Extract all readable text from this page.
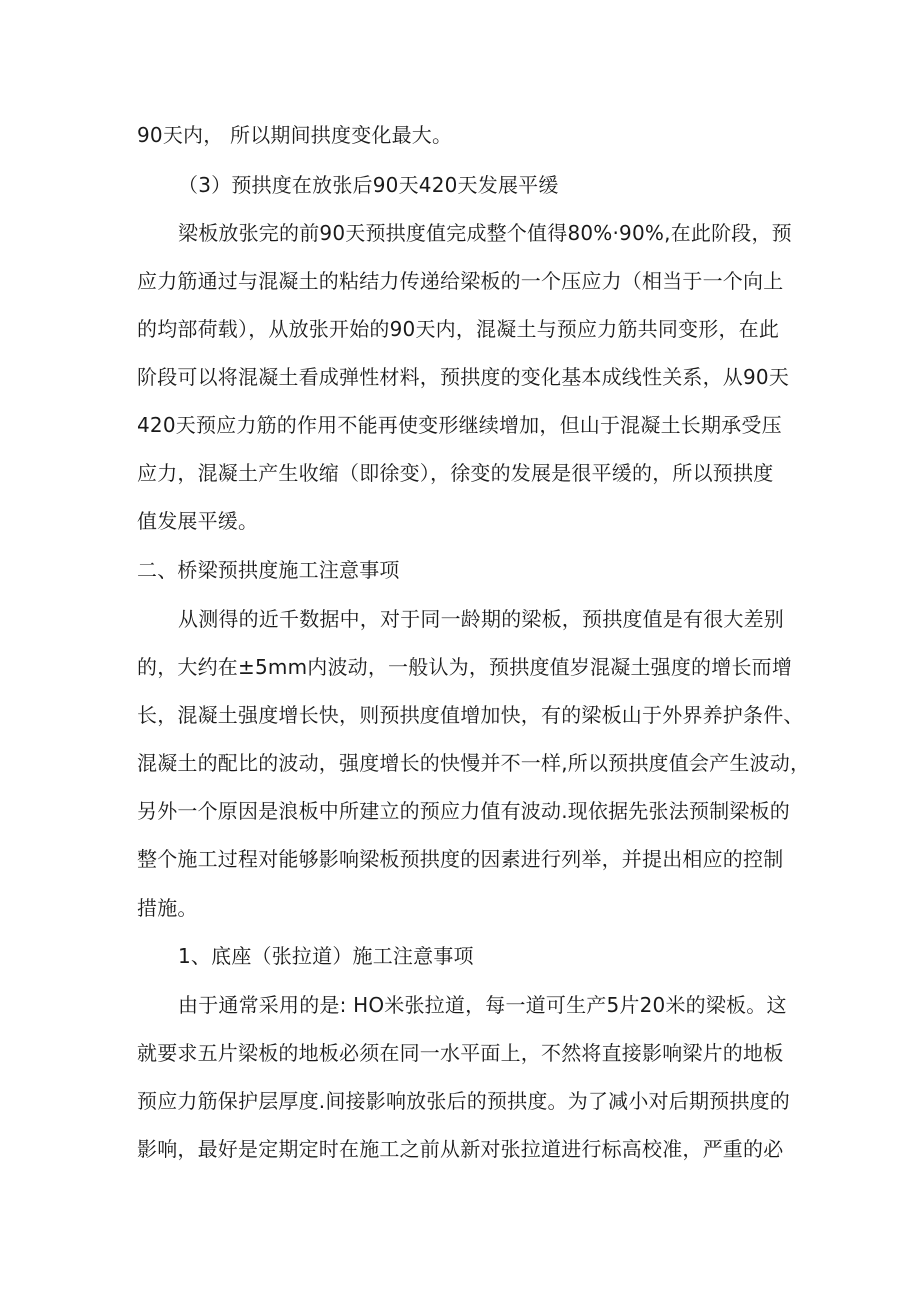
90天内， 所以期间拱度变化最大。
（3）预拱度在放张后90天420天发展平缓
梁板放张完的前90天预拱度值完成整个值得80%·90%,在此阶段，预
应力筋通过与混凝土的粘结力传递给梁板的一个压应力（相当于一个向上
的均部荷载），从放张开始的90天内，混凝土与预应力筋共同变形，在此
阶段可以将混凝土看成弹性材料，预拱度的变化基本成线性关系，从90天
420天预应力筋的作用不能再使变形继续增加，但山于混凝土长期承受压
应力，混凝土产生收缩（即徐变），徐变的发展是很平缓的，所以预拱度
值发展平缓。
二、桥梁预拱度施工注意事项
从测得的近千数据中，对于同一龄期的梁板，预拱度值是有很大差别
的，大约在±5mm内波动，一般认为，预拱度值岁混凝土强度的增长而增
长，混凝土强度增长快，则预拱度值增加快，有的梁板山于外界养护条件、
混凝土的配比的波动，强度增长的快慢并不一样,所以预拱度值会产生波动，
另外一个原因是浪板中所建立的预应力值有波动.现依据先张法预制梁板的
整个施工过程对能够影响梁板预拱度的因素进行列举，并提出相应的控制
措施。
1、底座（张拉道）施工注意事项
由于通常采用的是: HO米张拉道，每一道可生产5片20米的梁板。这
就要求五片梁板的地板必须在同一水平面上，不然将直接影响梁片的地板
预应力筋保护层厚度.间接影响放张后的预拱度。为了减小对后期预拱度的
影响，最好是定期定时在施工之前从新对张拉道进行标高校准，严重的必
